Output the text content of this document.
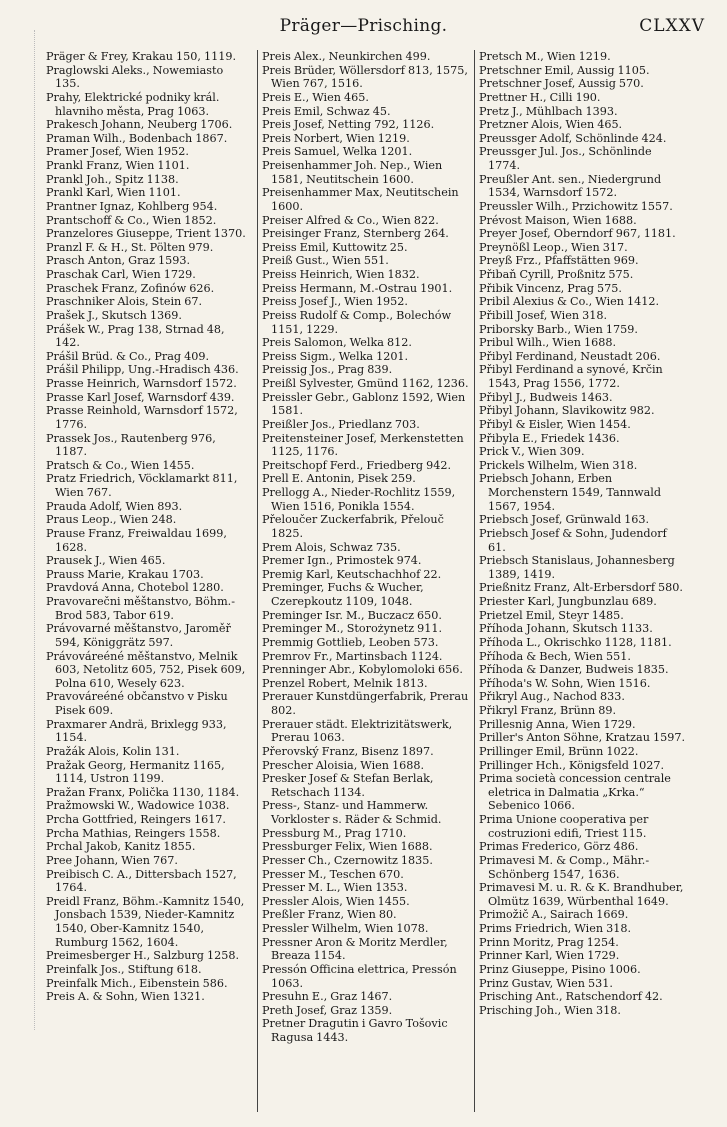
Präger—Prisching.	CLXXV
Präger & Frey, Krakau 150, 1119.
Praglowski Aleks., Nowemiasto 135.
Prahy, Elektrické podniky král. hlavniho města, Prag 1063.
Prakesch Johann, Neuberg 1706.
Praman Wilh., Bodenbach 1867.
Pramer Josef, Wien 1952.
Prankl Franz, Wien 1101.
Prankl Joh., Spitz 1138.
Prankl Karl, Wien 1101.
Prantner Ignaz, Kohlberg 954.
Prantschoff & Co., Wien 1852.
Pranzelores Giuseppe, Trient 1370.
Pranzl F. & H., St. Pölten 979.
Prasch Anton, Graz 1593.
Praschak Carl, Wien 1729.
Praschek Franz, Zofinów 626.
Praschniker Alois, Stein 67.
Prašek J., Skutsch 1369.
Prášek W., Prag 138, Strnad 48, 142.
Prášil Brüd. & Co., Prag 409.
Prášil Philipp, Ung.-Hradisch 436.
Prasse Heinrich, Warnsdorf 1572.
Prasse Karl Josef, Warnsdorf 439.
Prasse Reinhold, Warnsdorf 1572, 1776.
Prassek Jos., Rautenberg 976, 1187.
Pratsch & Co., Wien 1455.
Pratz Friedrich, Vöcklamarkt 811, Wien 767.
Prauda Adolf, Wien 893.
Praus Leop., Wien 248.
Prause Franz, Freiwaldau 1699, 1628.
Prausek J., Wien 465.
Prauss Marie, Krakau 1703.
Pravdová Anna, Chotebol 1280.
Pravovarečni měštanstvo, Böhm.-Brod 583, Tabor 619.
Právovarné měštanstvo, Jaroměř 594, Königgrätz 597.
Právováreéné měštanstvo, Melnik 603, Netolitz 605, 752, Pisek 609, Polna 610, Wesely 623.
Pravováreéné občanstvo v Pisku Pisek 609.
Praxmarer Andrä, Brixlegg 933, 1154.
Pražák Alois, Kolin 131.
Pražak Georg, Hermanitz 1165, 1114, Ustron 1199.
Pražan Franx, Polička 1130, 1184.
Pražmowski W., Wadowice 1038.
Prcha Gottfried, Reingers 1617.
Prcha Mathias, Reingers 1558.
Prchal Jakob, Kanitz 1855.
Pree Johann, Wien 767.
Preibisch C. A., Dittersbach 1527, 1764.
Preidl Franz, Böhm.-Kamnitz 1540, Jonsbach 1539, Nieder-Kamnitz 1540, Ober-Kamnitz 1540, Rumburg 1562, 1604.
Preimesberger H., Salzburg 1258.
Preinfalk Jos., Stiftung 618.
Preinfalk Mich., Eibenstein 586.
Preis A. & Sohn, Wien 1321.
Preis Alex., Neunkirchen 499.
Preis Brüder, Wöllersdorf 813, 1575, Wien 767, 1516.
Preis E., Wien 465.
Preis Emil, Schwaz 45.
Preis Josef, Netting 792, 1126.
Preis Norbert, Wien 1219.
Preis Samuel, Welka 1201.
Preisenhammer Joh. Nep., Wien 1581, Neutitschein 1600.
Preisenhammer Max, Neutitschein 1600.
Preiser Alfred & Co., Wien 822.
Preisinger Franz, Sternberg 264.
Preiss Emil, Kuttowitz 25.
Preiß Gust., Wien 551.
Preiss Heinrich, Wien 1832.
Preiss Hermann, M.-Ostrau 1901.
Preiss Josef J., Wien 1952.
Preiss Rudolf & Comp., Bolechów 1151, 1229.
Preis Salomon, Welka 812.
Preiss Sigm., Welka 1201.
Preissig Jos., Prag 839.
Preißl Sylvester, Gmünd 1162, 1236.
Preissler Gebr., Gablonz 1592, Wien 1581.
Preißler Jos., Priedlanz 703.
Preitensteiner Josef, Merkenstetten 1125, 1176.
Preitschopf Ferd., Friedberg 942.
Prell E. Antonin, Pisek 259.
Prellogg A., Nieder-Rochlitz 1559, Wien 1516, Ponikla 1554.
Přeloučer Zuckerfabrik, Přelouč 1825.
Prem Alois, Schwaz 735.
Premer Ign., Primostek 974.
Premig Karl, Keutschachhof 22.
Preminger, Fuchs & Wucher, Czerepkoutz 1109, 1048.
Preminger Isr. M., Buczacz 650.
Preminger M., Storożynetz 911.
Premmig Gottlieb, Leoben 573.
Premrov Fr., Martinsbach 1124.
Prenninger Abr., Kobylomoloki 656.
Prenzel Robert, Melnik 1813.
Prerauer Kunstdüngerfabrik, Prerau 802.
Prerauer städt. Elektrizitätswerk, Prerau 1063.
Přerovský Franz, Bisenz 1897.
Prescher Aloisia, Wien 1688.
Presker Josef & Stefan Berlak, Retschach 1134.
Press-, Stanz- und Hammerw. Vorkloster s. Räder & Schmid.
Pressburg M., Prag 1710.
Pressburger Felix, Wien 1688.
Presser Ch., Czernowitz 1835.
Presser M., Teschen 670.
Presser M. L., Wien 1353.
Pressler Alois, Wien 1455.
Preßler Franz, Wien 80.
Pressler Wilhelm, Wien 1078.
Pressner Aron & Moritz Merdler, Breaza 1154.
Pressón Officina elettrica, Pressón 1063.
Presuhn E., Graz 1467.
Preth Josef, Graz 1359.
Pretner Dragutin i Gavro Tošovic Ragusa 1443.
Pretsch M., Wien 1219.
Pretschner Emil, Aussig 1105.
Pretschner Josef, Aussig 570.
Prettner H., Cilli 190.
Pretz J., Mühlbach 1393.
Pretzner Alois, Wien 465.
Preussger Adolf, Schönlinde 424.
Preussger Jul. Jos., Schönlinde 1774.
Preußler Ant. sen., Niedergrund 1534, Warnsdorf 1572.
Preussler Wilh., Przichowitz 1557.
Prévost Maison, Wien 1688.
Preyer Josef, Oberndorf 967, 1181.
Preynößl Leop., Wien 317.
Preyß Frz., Pfaffstätten 969.
Přibaň Cyrill, Proßnitz 575.
Přibik Vincenz, Prag 575.
Pribil Alexius & Co., Wien 1412.
Přibill Josef, Wien 318.
Priborsky Barb., Wien 1759.
Pribul Wilh., Wien 1688.
Přibyl Ferdinand, Neustadt 206.
Přibyl Ferdinand a synové, Krčin 1543, Prag 1556, 1772.
Přibyl J., Budweis 1463.
Přibyl Johann, Slavikowitz 982.
Přibyl & Eisler, Wien 1454.
Přibyla E., Friedek 1436.
Prick V., Wien 309.
Prickels Wilhelm, Wien 318.
Priebsch Johann, Erben Morchenstern 1549, Tannwald 1567, 1954.
Priebsch Josef, Grünwald 163.
Priebsch Josef & Sohn, Judendorf 61.
Priebsch Stanislaus, Johannesberg 1389, 1419.
Prießnitz Franz, Alt-Erbersdorf 580.
Priester Karl, Jungbunzlau 689.
Prietzel Emil, Steyr 1485.
Příhoda Johann, Skutsch 1133.
Příhoda L., Okrischko 1128, 1181.
Příhoda & Bech, Wien 551.
Příhoda & Danzer, Budweis 1835.
Příhoda's W. Sohn, Wien 1516.
Přikryl Aug., Nachod 833.
Přikryl Franz, Brünn 89.
Prillesnig Anna, Wien 1729.
Priller's Anton Söhne, Kratzau 1597.
Prillinger Emil, Brünn 1022.
Prillinger Hch., Königsfeld 1027.
Prima società concession centrale eletrica in Dalmatia „Krka.“ Sebenico 1066.
Prima Unione cooperativa per costruzioni edifi, Triest 115.
Primas Frederico, Görz 486.
Primavesi M. & Comp., Mähr.-Schönberg 1547, 1636.
Primavesi M. u. R. & K. Brandhuber, Olmütz 1639, Würbenthal 1649.
Primožič A., Sairach 1669.
Prims Friedrich, Wien 318.
Prinn Moritz, Prag 1254.
Prinner Karl, Wien 1729.
Prinz Giuseppe, Pisino 1006.
Prinz Gustav, Wien 531.
Prisching Ant., Ratschendorf 42.
Prisching Joh., Wien 318.
